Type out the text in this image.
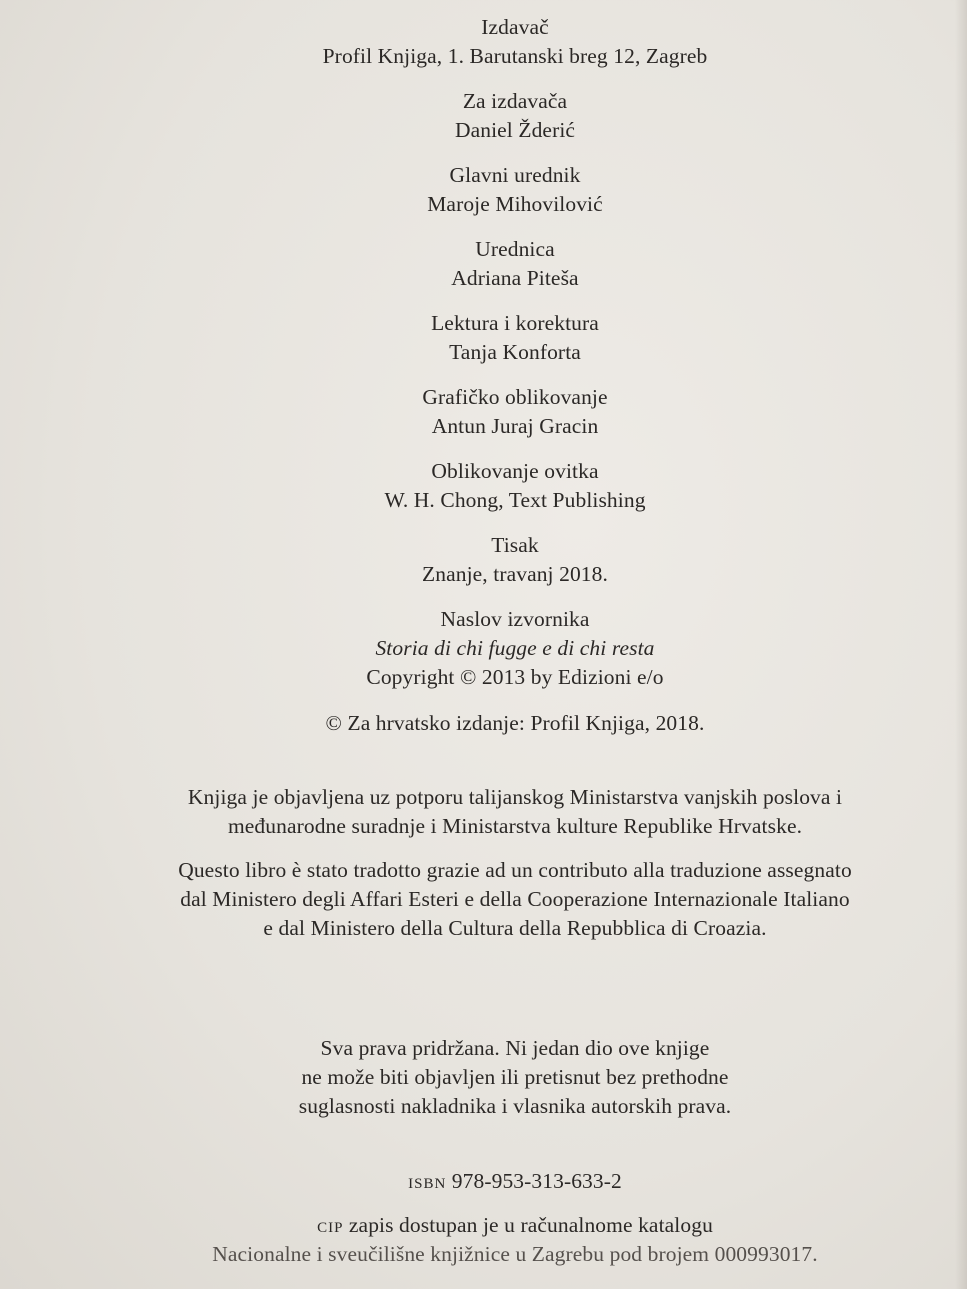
Izdavač
Profil Knjiga, 1. Barutanski breg 12, Zagreb
Za izdavača
Daniel Žderić
Glavni urednik
Maroje Mihovilović
Urednica
Adriana Piteša
Lektura i korektura
Tanja Konforta
Grafičko oblikovanje
Antun Juraj Gracin
Oblikovanje ovitka
W. H. Chong, Text Publishing
Tisak
Znanje, travanj 2018.
Naslov izvornika
Storia di chi fugge e di chi resta
Copyright © 2013 by Edizioni e/o
© Za hrvatsko izdanje: Profil Knjiga, 2018.
Knjiga je objavljena uz potporu talijanskog Ministarstva vanjskih poslova i
međunarodne suradnje i Ministarstva kulture Republike Hrvatske.
Questo libro è stato tradotto grazie ad un contributo alla traduzione assegnato
dal Ministero degli Affari Esteri e della Cooperazione Internazionale Italiano
e dal Ministero della Cultura della Repubblica di Croazia.
Sva prava pridržana. Ni jedan dio ove knjige
ne može biti objavljen ili pretisnut bez prethodne
suglasnosti nakladnika i vlasnika autorskih prava.
ISBN 978-953-313-633-2
CIP zapis dostupan je u računalnome katalogu
Nacionalne i sveučilišne knjižnice u Zagrebu pod brojem 000993017.
